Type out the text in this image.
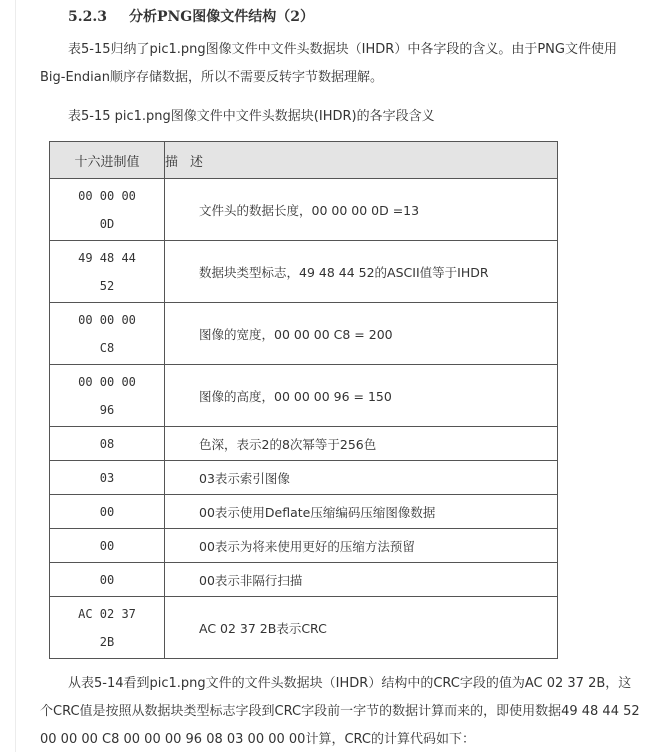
5.2.3 分析PNG图像文件结构（2）
表5-15归纳了pic1.png图像文件中文件头数据块（IHDR）中各字段的含义。由于PNG文件使用Big-Endian顺序存储数据，所以不需要反转字节数据理解。
表5-15 pic1.png图像文件中文件头数据块(IHDR)的各字段含义
十六进制值	描述

00 00 00 0D	文件头的数据长度，00 00 00 0D =13

49 48 44 52	数据块类型标志，49 48 44 52的ASCII值等于IHDR

00 00 00 C8	图像的宽度，00 00 00 C8 = 200

00 00 00 96	图像的高度，00 00 00 96 = 150
08	色深，表示2的8次幂等于256色
03	03表示索引图像
00	00表示使用Deflate压缩编码压缩图像数据
00	00表示为将来使用更好的压缩方法预留
00	00表示非隔行扫描

AC 02 37 2B	AC 02 37 2B表示CRC
从表5-14看到pic1.png文件的文件头数据块（IHDR）结构中的CRC字段的值为AC 02 37 2B，这个CRC值是按照从数据块类型标志字段到CRC字段前一字节的数据计算而来的，即使用数据49 48 44 52 00 00 00 C8 00 00 00 96 08 03 00 00 00计算，CRC的计算代码如下：
